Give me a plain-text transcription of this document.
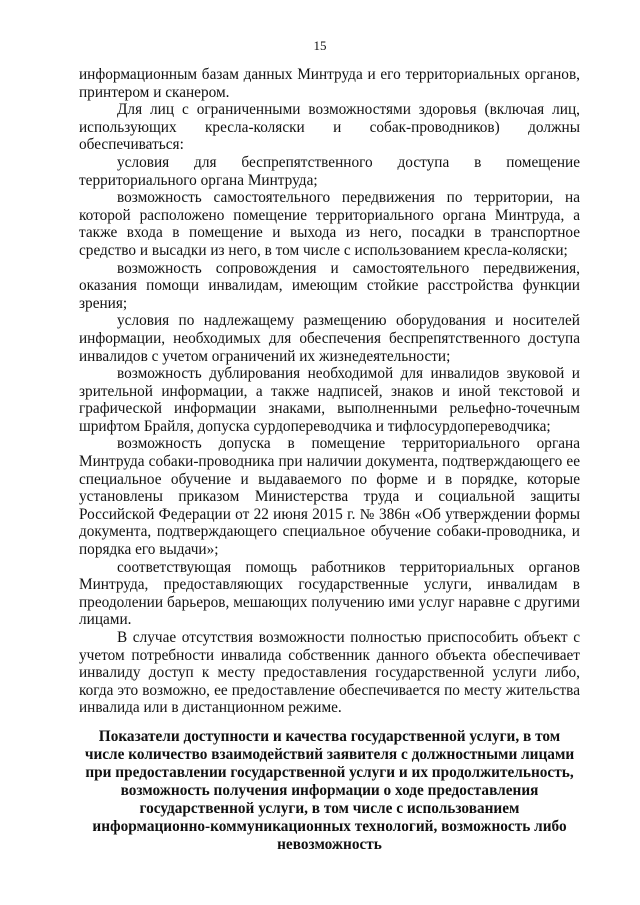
15

информационным базам данных Минтруда и его территориальных органов, принтером и сканером.

Для лиц с ограниченными возможностями здоровья (включая лиц, использующих кресла-коляски и собак-проводников) должны обеспечиваться:

условия для беспрепятственного доступа в помещение территориального органа Минтруда;

возможность самостоятельного передвижения по территории, на которой расположено помещение территориального органа Минтруда, а также входа в помещение и выхода из него, посадки в транспортное средство и высадки из него, в том числе с использованием кресла-коляски;

возможность сопровождения и самостоятельного передвижения, оказания помощи инвалидам, имеющим стойкие расстройства функции зрения;

условия по надлежащему размещению оборудования и носителей информации, необходимых для обеспечения беспрепятственного доступа инвалидов с учетом ограничений их жизнедеятельности;

возможность дублирования необходимой для инвалидов звуковой и зрительной информации, а также надписей, знаков и иной текстовой и графической информации знаками, выполненными рельефно-точечным шрифтом Брайля, допуска сурдопереводчика и тифлосурдопереводчика;

возможность допуска в помещение территориального органа Минтруда собаки-проводника при наличии документа, подтверждающего ее специальное обучение и выдаваемого по форме и в порядке, которые установлены приказом Министерства труда и социальной защиты Российской Федерации от 22 июня 2015 г. № 386н «Об утверждении формы документа, подтверждающего специальное обучение собаки-проводника, и порядка его выдачи»;

соответствующая помощь работников территориальных органов Минтруда, предоставляющих государственные услуги, инвалидам в преодолении барьеров, мешающих получению ими услуг наравне с другими лицами.

В случае отсутствия возможности полностью приспособить объект с учетом потребности инвалида собственник данного объекта обеспечивает инвалиду доступ к месту предоставления государственной услуги либо, когда это возможно, ее предоставление обеспечивается по месту жительства инвалида или в дистанционном режиме.

Показатели доступности и качества государственной услуги, в том числе количество взаимодействий заявителя с должностными лицами при предоставлении государственной услуги и их продолжительность, возможность получения информации о ходе предоставления государственной услуги, в том числе с использованием информационно-коммуникационных технологий, возможность либо невозможность
